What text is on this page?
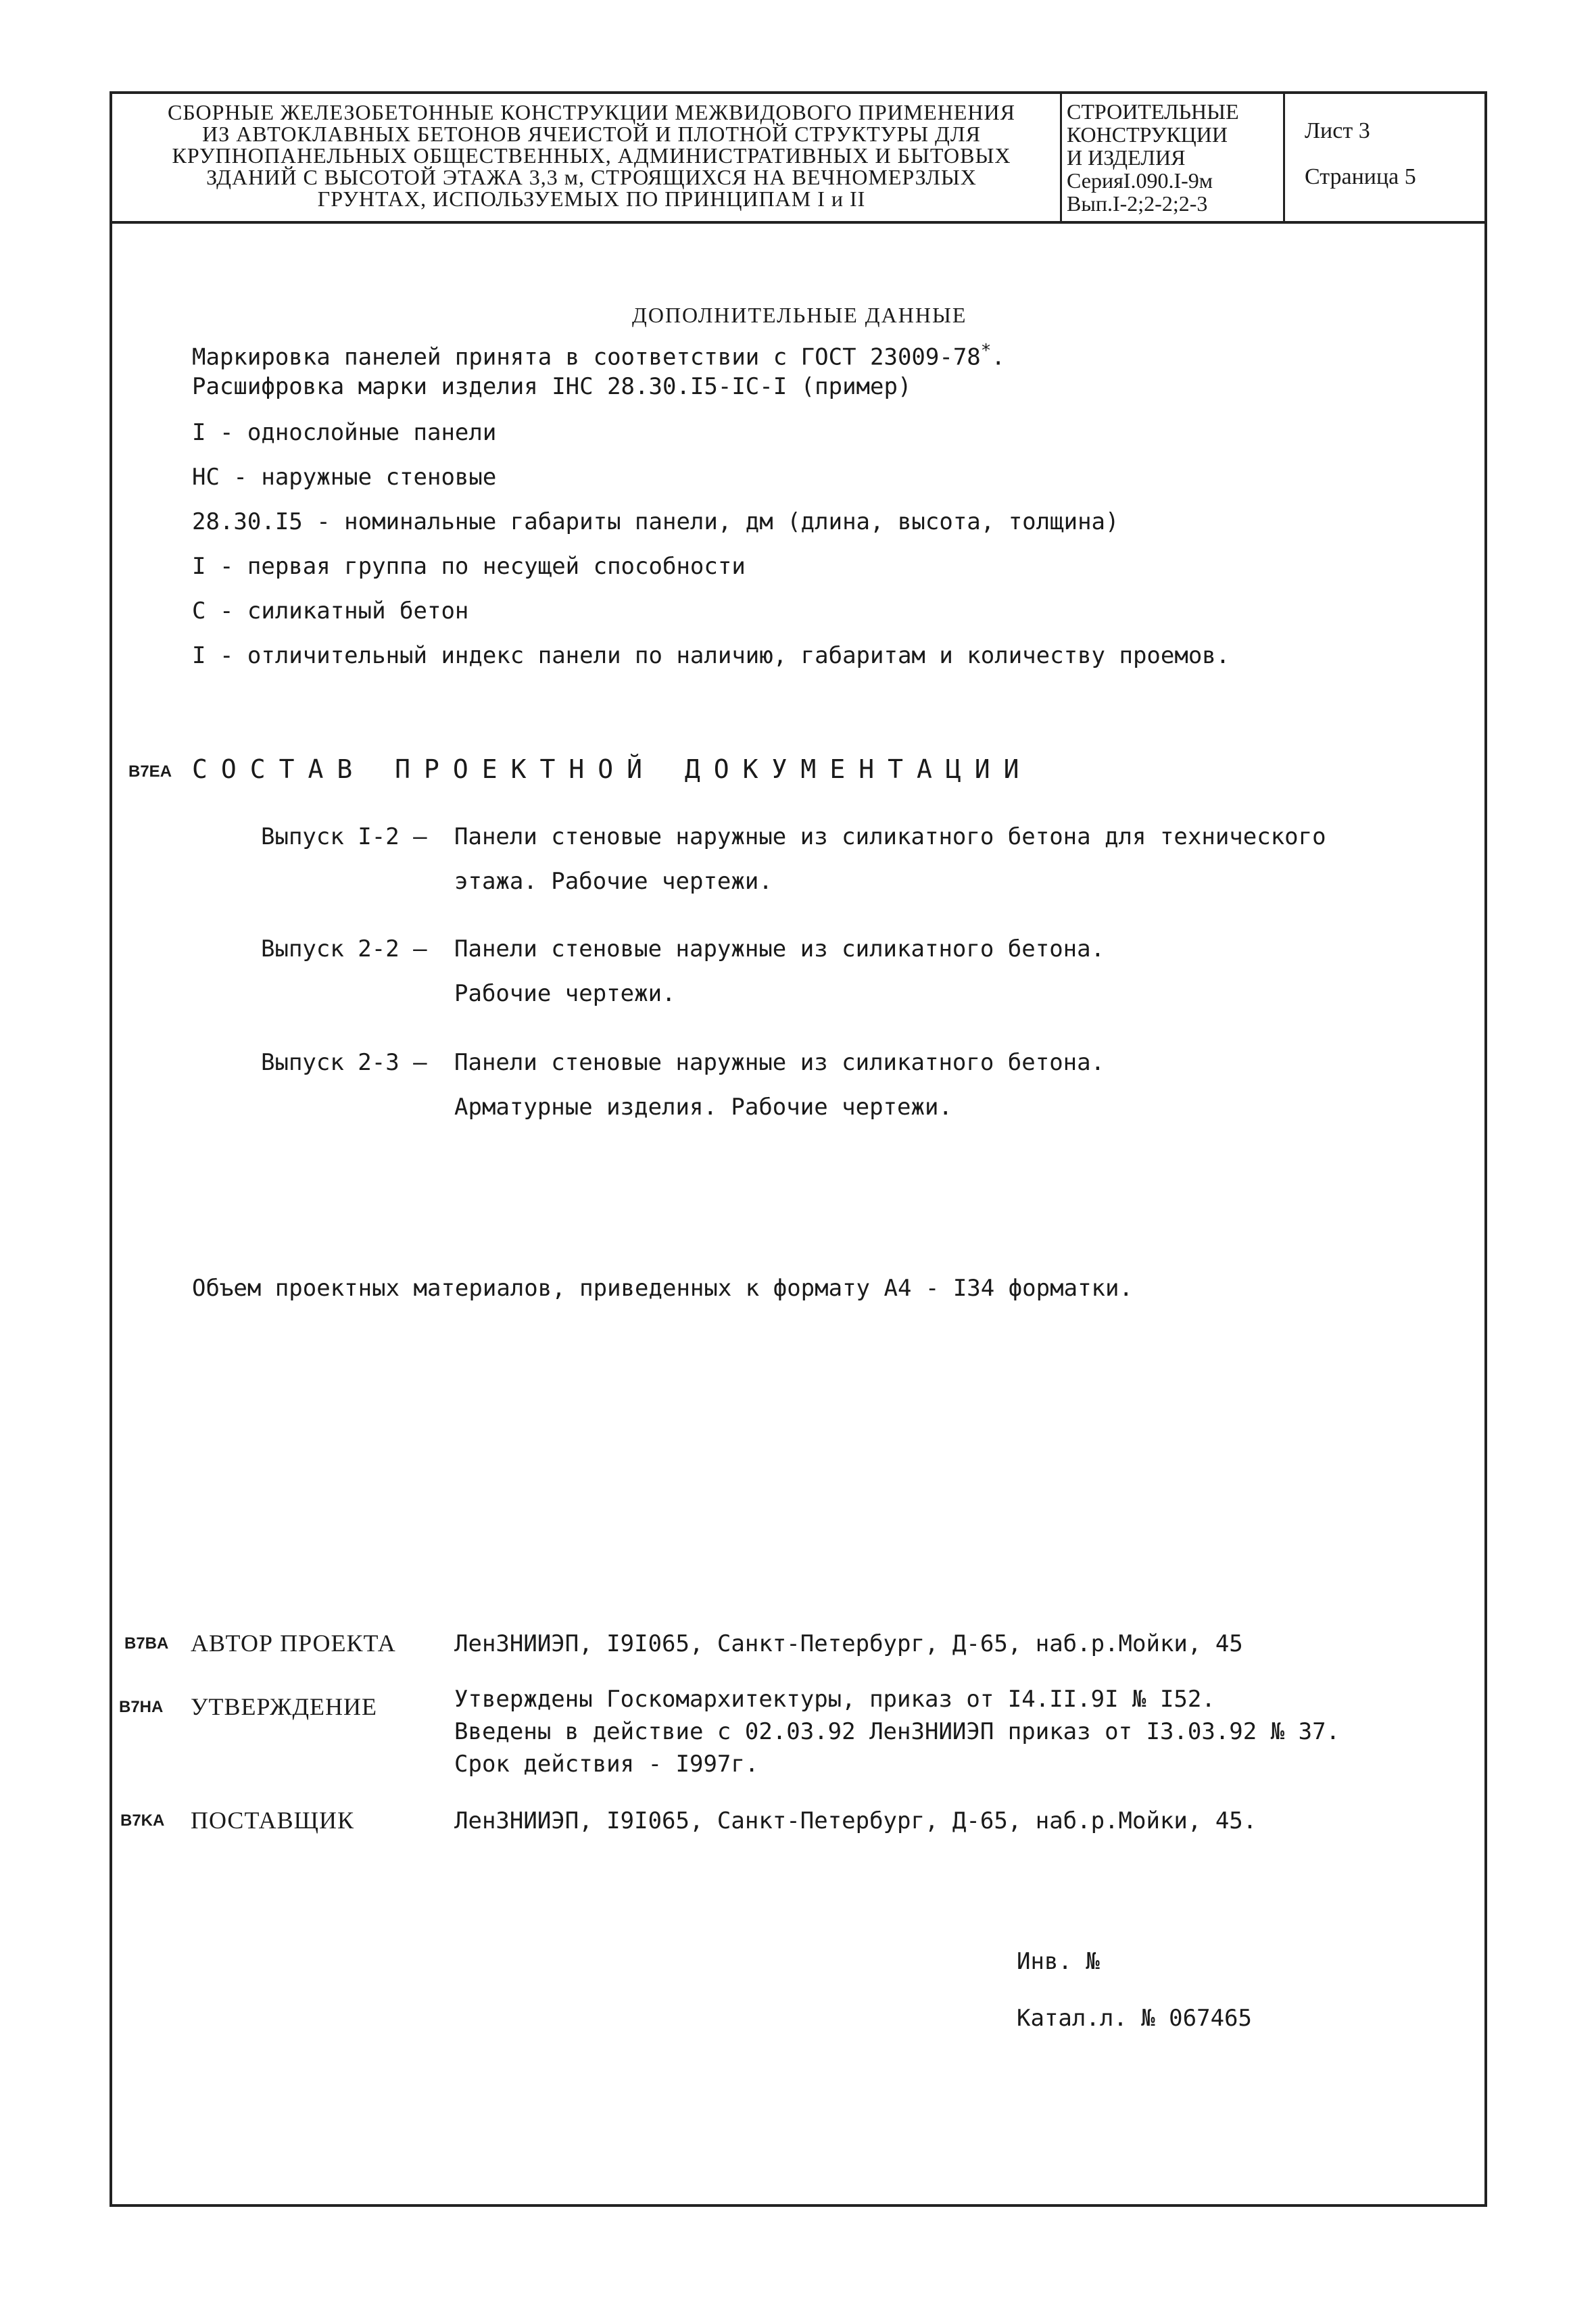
СБОРНЫЕ ЖЕЛЕЗОБЕТОННЫЕ КОНСТРУКЦИИ МЕЖВИДОВОГО ПРИМЕНЕНИЯ
ИЗ АВТОКЛАВНЫХ БЕТОНОВ ЯЧЕИСТОЙ И ПЛОТНОЙ СТРУКТУРЫ ДЛЯ
КРУПНОПАНЕЛЬНЫХ ОБЩЕСТВЕННЫХ, АДМИНИСТРАТИВНЫХ И БЫТОВЫХ
ЗДАНИЙ С ВЫСОТОЙ ЭТАЖА 3,3 м, СТРОЯЩИХСЯ НА ВЕЧНОМЕРЗЛЫХ
ГРУНТАХ, ИСПОЛЬЗУЕМЫХ ПО ПРИНЦИПАМ I и II
СТРОИТЕЛЬНЫЕ
КОНСТРУКЦИИ
И ИЗДЕЛИЯ
СерияI.090.I-9м
Вып.I-2;2-2;2-3
Лист 3
Страница 5
ДОПОЛНИТЕЛЬНЫЕ ДАННЫЕ
Маркировка панелей принята в соответствии с ГОСТ 23009-78*.
Расшифровка марки изделия IНС 28.30.I5-IС-I (пример)
I - однослойные панели
НС - наружные стеновые
28.30.I5 - номинальные габариты панели, дм (длина, высота, толщина)
I - первая группа по несущей способности
С - силикатный бетон
I - отличительный индекс панели по наличию, габаритам и количеству проемов.
B7EA СОСТАВ ПРОЕКТНОЙ ДОКУМЕНТАЦИИ
Выпуск I-2 — Панели стеновые наружные из силикатного бетона для технического
этажа. Рабочие чертежи.
Выпуск 2-2 — Панели стеновые наружные из силикатного бетона.
Рабочие чертежи.
Выпуск 2-3 — Панели стеновые наружные из силикатного бетона.
Арматурные изделия. Рабочие чертежи.
Объем проектных материалов, приведенных к формату А4 - I34 форматки.
B7BA АВТОР ПРОЕКТА	ЛенЗНИИЭП, I9I065, Санкт-Петербург, Д-65, наб.р.Мойки, 45
B7HA УТВЕРЖДЕНИЕ	Утверждены Госкомархитектуры, приказ от I4.II.9I № I52.
Введены в действие с 02.03.92 ЛенЗНИИЭП приказ от I3.03.92 № 37.
Срок действия - I997г.
B7KA ПОСТАВЩИК	ЛенЗНИИЭП, I9I065, Санкт-Петербург, Д-65, наб.р.Мойки, 45.
Инв. №
Катал.л. № 067465
